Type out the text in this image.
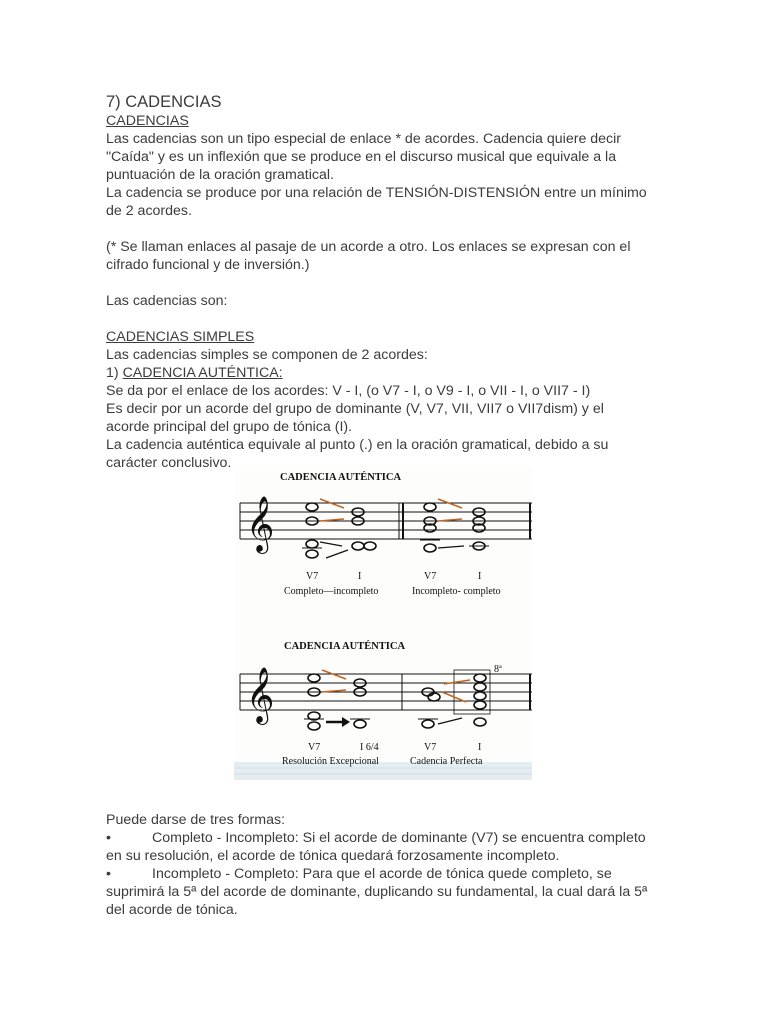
7) CADENCIAS

CADENCIAS

Las cadencias son un tipo especial de enlace * de acordes. Cadencia quiere decir

"Caída" y es un inflexión que se produce en el discurso musical que equivale a la

puntuación de la oración gramatical.

La cadencia se produce por una relación de TENSIÓN-DISTENSIÓN entre un mínimo

de 2 acordes.

(* Se llaman enlaces al pasaje de un acorde a otro. Los enlaces se expresan con el

cifrado funcional y de inversión.)

Las cadencias son:

CADENCIAS SIMPLES

Las cadencias simples se componen de 2 acordes:

1) CADENCIA AUTÉNTICA:

Se da por el enlace de los acordes: V - I, (o V7 - I, o V9 - I, o VII - I, o VII7 - I)

Es decir por un acorde del grupo de dominante (V, V7, VII, VII7 o VII7dism) y el

acorde principal del grupo de tónica (I).

La cadencia auténtica equivale al punto (.) en la oración gramatical, debido a su

carácter conclusivo.

CADENCIA AUTÉNTICA
𝄞
V7	I	V7	I
Completo—incompleto	Incompleto- completo
CADENCIA AUTÉNTICA
8ª
𝄞
V7	I 6/4	V7	I
Resolución Excepcional	Cadencia Perfecta

Puede darse de tres formas:

•	Completo - Incompleto: Si el acorde de dominante (V7) se encuentra completo

en su resolución, el acorde de tónica quedará forzosamente incompleto.

•	Incompleto - Completo: Para que el acorde de tónica quede completo, se

suprimirá la 5ª del acorde de dominante, duplicando su fundamental, la cual dará la 5ª

del acorde de tónica.
